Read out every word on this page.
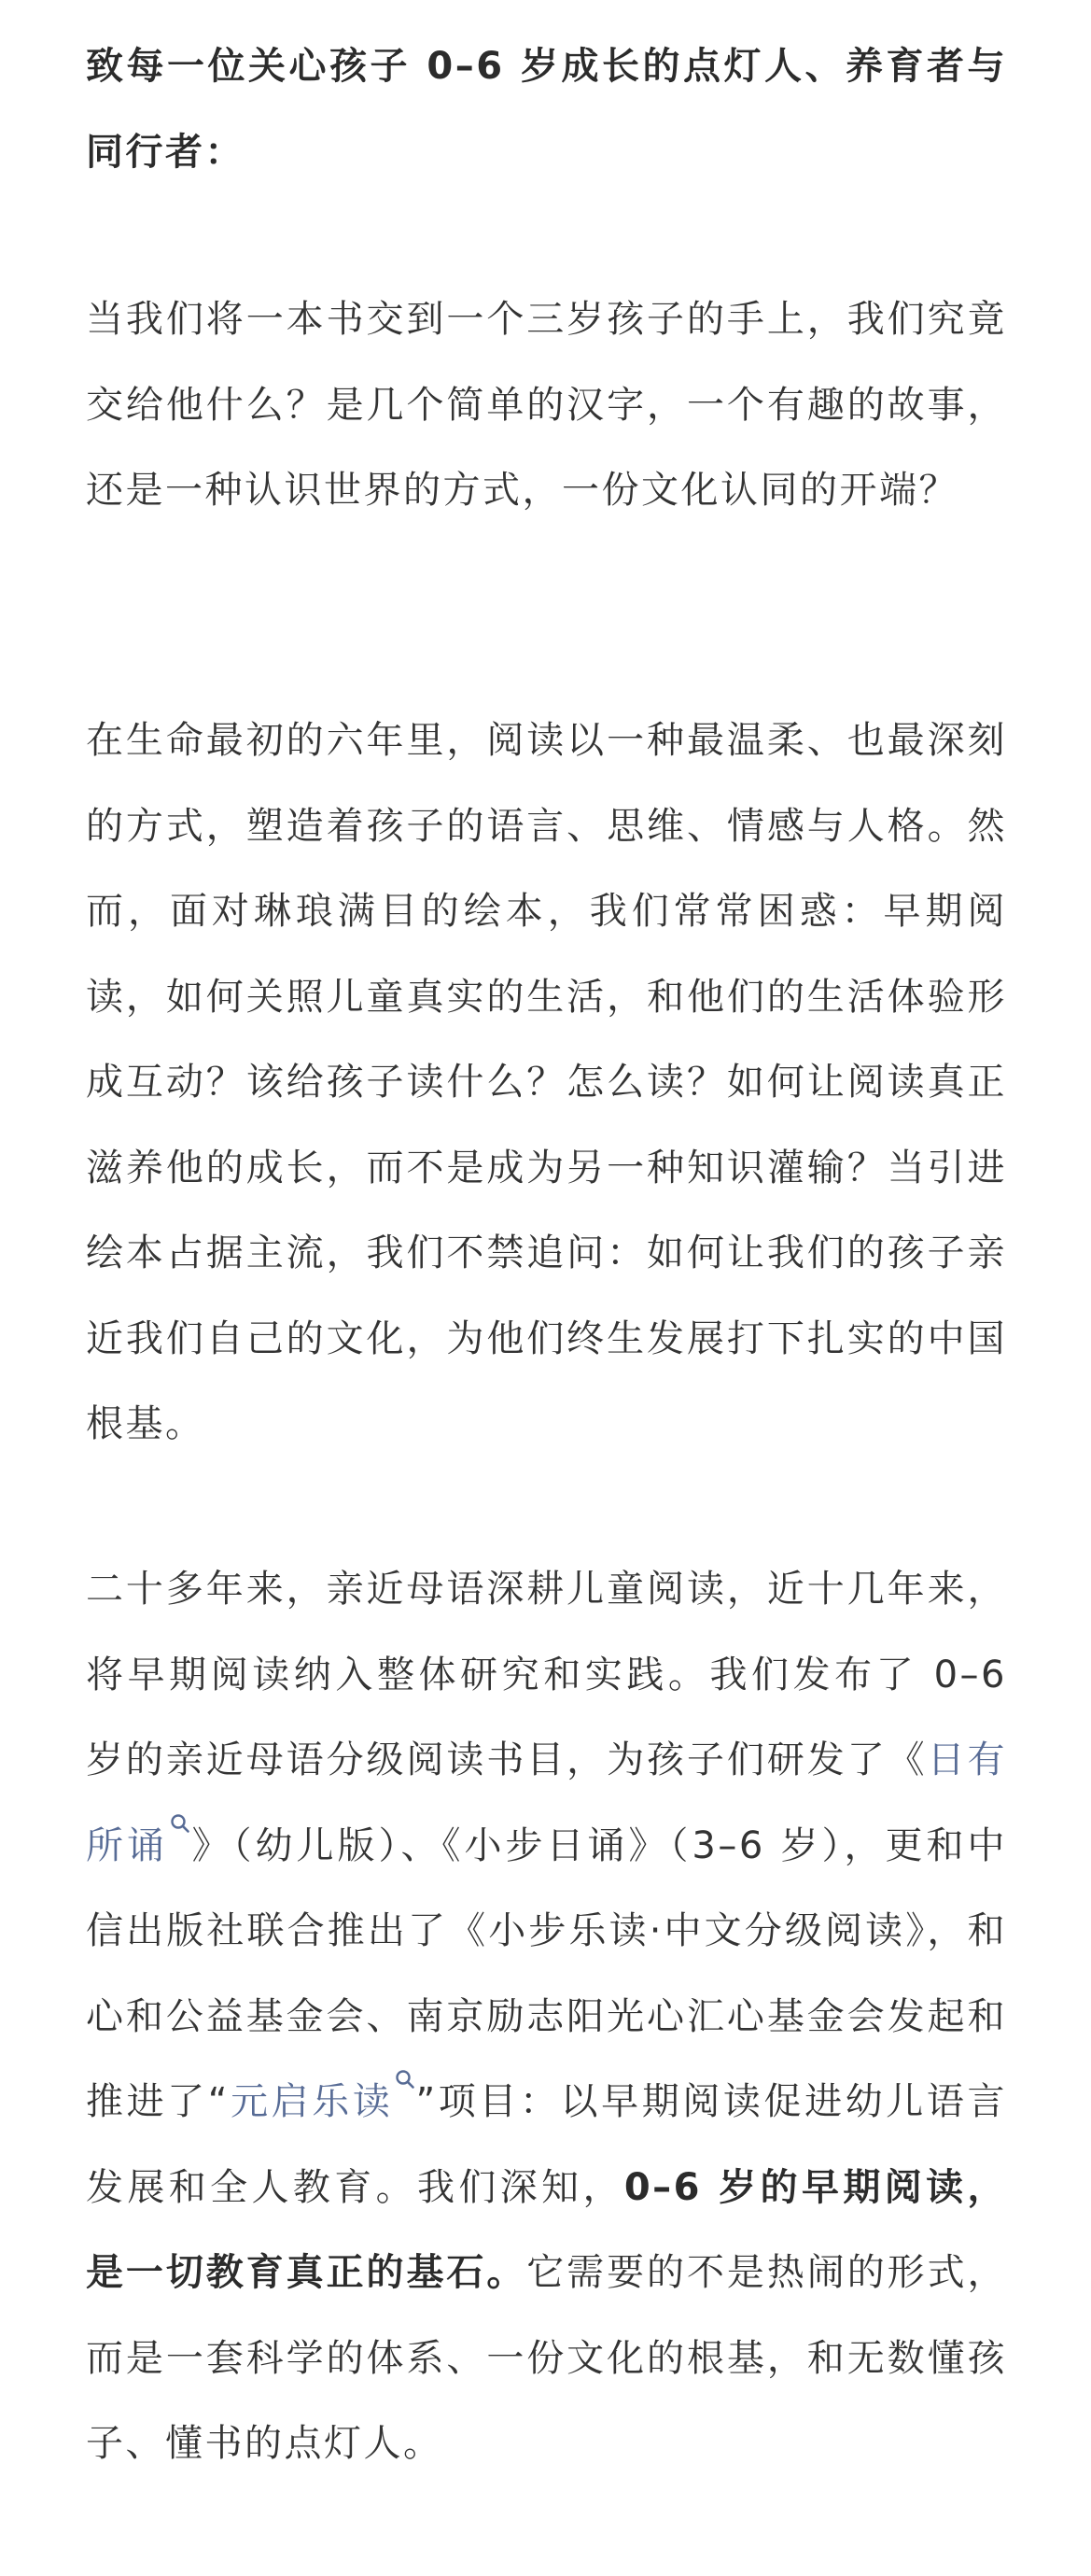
致每一位关心孩子 0–6 岁成长的点灯人、养育者与同行者：

当我们将一本书交到一个三岁孩子的手上，我们究竟交给他什么？是几个简单的汉字，一个有趣的故事，还是一种认识世界的方式，一份文化认同的开端？

在生命最初的六年里，阅读以一种最温柔、也最深刻的方式，塑造着孩子的语言、思维、情感与人格。然而，面对琳琅满目的绘本，我们常常困惑：早期阅读，如何关照儿童真实的生活，和他们的生活体验形成互动？该给孩子读什么？怎么读？如何让阅读真正滋养他的成长，而不是成为另一种知识灌输？当引进绘本占据主流，我们不禁追问：如何让我们的孩子亲近我们自己的文化，为他们终生发展打下扎实的中国根基。

二十多年来，亲近母语深耕儿童阅读，近十几年来，将早期阅读纳入整体研究和实践。我们发布了 0–6 岁的亲近母语分级阅读书目，为孩子们研发了《日有所诵 》（幼儿版）、《小步日诵》（3–6 岁），更和中信出版社联合推出了《小步乐读·中文分级阅读》，和心和公益基金会、南京励志阳光心汇心基金会发起和推进了“元启乐读 ”项目：以早期阅读促进幼儿语言发展和全人教育。我们深知，0–6 岁的早期阅读，是一切教育真正的基石。它需要的不是热闹的形式，而是一套科学的体系、一份文化的根基，和无数懂孩子、懂书的点灯人。
